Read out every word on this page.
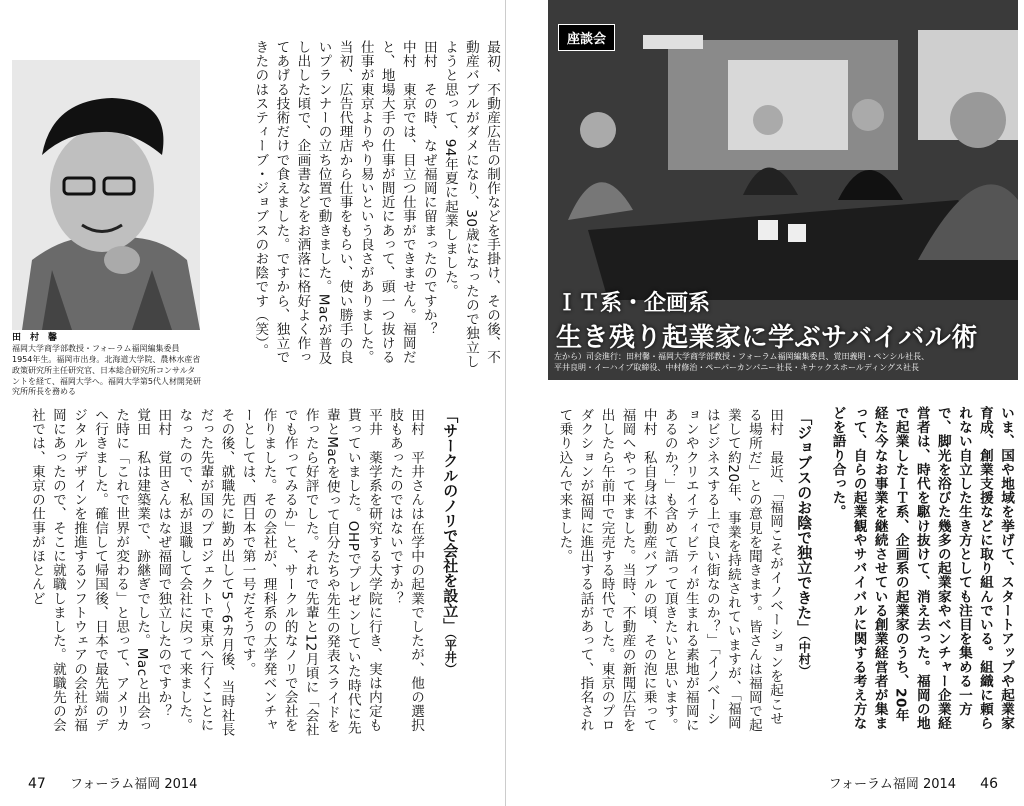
田　村　馨
福岡大学商学部教授・フォーラム福岡編集委員
1954年生。福岡市出身。北海道大学院、農林水産省政策研究所主任研究官、日本総合研究所コンサルタントを経て、福岡大学へ。福岡大学第5代人材開発研究所所長を務める

最初、不動産広告の制作などを手掛け、その後、不動産バブルがダメになり、30歳になったので独立しようと思って、94年夏に起業しました。

田村　その時、なぜ福岡に留まったのですか？

中村　東京では、目立つ仕事ができません。福岡だと、地場大手の仕事が間近にあって、頭一つ抜ける仕事が東京よりやり易いという良さがありました。

当初、広告代理店から仕事をもらい、使い勝手の良いプランナーの立ち位置で動きました。Macが普及し出した頃で、企画書などをお洒落に格好よく作ってあげる技術だけで食えました。ですから、独立できたのはスティーブ・ジョブスのお陰です（笑）。

「サークルのノリで会社を設立」（平井）

田村　平井さんは在学中の起業でしたが、他の選択肢もあったのではないですか？

平井　薬学系を研究する大学院に行き、実は内定も貰っていました。OHPでプレゼンしていた時代に先輩とMacを使って自分たちや先生の発表スライドを作ったら好評でした。それで先輩と12月頃に「会社でも作ってみるか」と、サークル的なノリで会社を作りました。その会社が、理科系の大学発ベンチャーとしては、西日本で第一号だそうです。

その後、就職先に勤め出して5〜6カ月後、当時社長だった先輩が国のプロジェクトで東京へ行くことになったので、私が退職して会社に戻って来ました。

田村　覚田さんはなぜ福岡で独立したのですか？

覚田　私は建築業で、跡継ぎでした。Macと出会った時に「これで世界が変わる」と思って、アメリカへ行きました。確信して帰国後、日本で最先端のデジタルデザインを推進するソフトウェアの会社が福岡にあったので、そこに就職しました。就職先の会社では、東京の仕事がほとんど

47 フォーラム福岡 2014
座談会
ＩＴ系・企画系
生き残り起業家に学ぶサバイバル術
左から）司会進行：田村馨・福岡大学商学部教授・フォーラム福岡編集委員、覚田義明・ペンシル社長、
平井良明・イーハイブ取締役、中村修治・ペーパーカンパニー社長・キナックスホールディングス社長

いま、国や地域を挙げて、スタートアップや起業家育成、創業支援などに取り組んでいる。組織に頼られない自立した生き方としても注目を集める一方で、脚光を浴びた幾多の起業家やベンチャー企業経営者は、時代を駆け抜けて、消え去った。福岡の地で起業したＩＴ系、企画系の起業家のうち、20年経た今なお事業を継続させている創業経営者が集まって、自らの起業観やサバイバルに関する考え方などを語り合った。

「ジョブスのお陰で独立できた」（中村）

田村　最近、「福岡こそがイノベーションを起こせる場所だ」との意見を聞きます。皆さんは福岡で起業して約20年、事業を持続されていますが、「福岡はビジネスする上で良い街なのか？」「イノベーションやクリエイティビティが生まれる素地が福岡にあるのか？」も含めて語って頂きたいと思います。

中村　私自身は不動産バブルの頃、その泡に乗って福岡へやって来ました。当時、不動産の新聞広告を出したら午前中で完売する時代でした。東京のプロダクションが福岡に進出する話があって、指名されて乗り込んで来ました。

フォーラム福岡 2014 46
